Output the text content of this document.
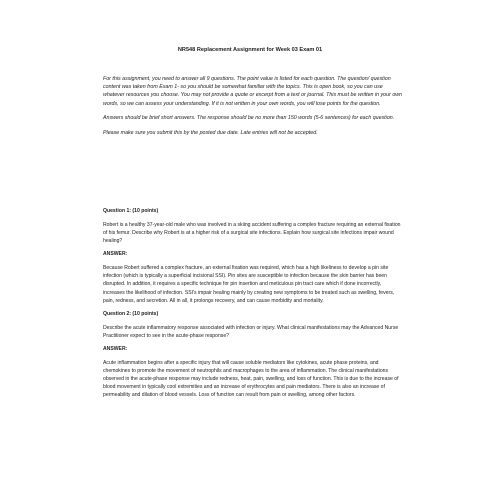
NR548 Replacement Assignment for Week 03 Exam 01

For this assignment, you need to answer all 9 questions. The point value is listed for each question. The question/ question content was taken from Exam 1- so you should be somewhat familiar with the topics. This is open book, so you can use whatever resources you choose. You may not provide a quote or excerpt from a text or journal. This must be written in your own words, so we can assess your understanding. If it is not written in your own words, you will lose points for the question.

Answers should be brief short answers. The response should be no more than 150 words (5-6 sentences) for each question.

Please make sure you submit this by the posted due date. Late entries will not be accepted.

Question 1: (10 points)
Robert is a healthy 37-year-old male who was involved in a skiing accident suffering a complex fracture requiring an external fixation of his femur. Describe why Robert is at a higher risk of a surgical site infections. Explain how surgical site infections impair wound healing?
ANSWER:
Because Robert suffered a complex fracture, an external fixation was required, which has a high likeliness to develop a pin site infection (which is typically a superficial incisional SSI). Pin sites are susceptible to infection because the skin barrier has been disrupted. In addition, it requires a specific technique for pin insertion and meticulous pin tract care which if done incorrectly, increases the likelihood of infection. SSI's impair healing mainly by creating new symptoms to be treated such as swelling, fevers, pain, redness, and secretion. All in all, it prolongs recovery, and can cause morbidity and mortality.
Question 2: (10 points)
Describe the acute inflammatory response associated with infection or injury. What clinical manifestations may the Advanced Nurse Practitioner expect to see in the acute-phase response?
ANSWER:
Acute inflammation begins after a specific injury that will cause soluble mediators like cytokines, acute phase proteins, and chemokines to promote the movement of neutrophils and macrophages to the area of inflammation. The clinical manifestations observed in the acute-phase response may include redness, heat, pain, swelling, and loss of function. This is due to the increase of blood movement in typically cool extremities and an increase of erythrocytes and pain mediators. There is also an increase of permeability and dilation of blood vessels. Loss of function can result from pain or swelling, among other factors.
